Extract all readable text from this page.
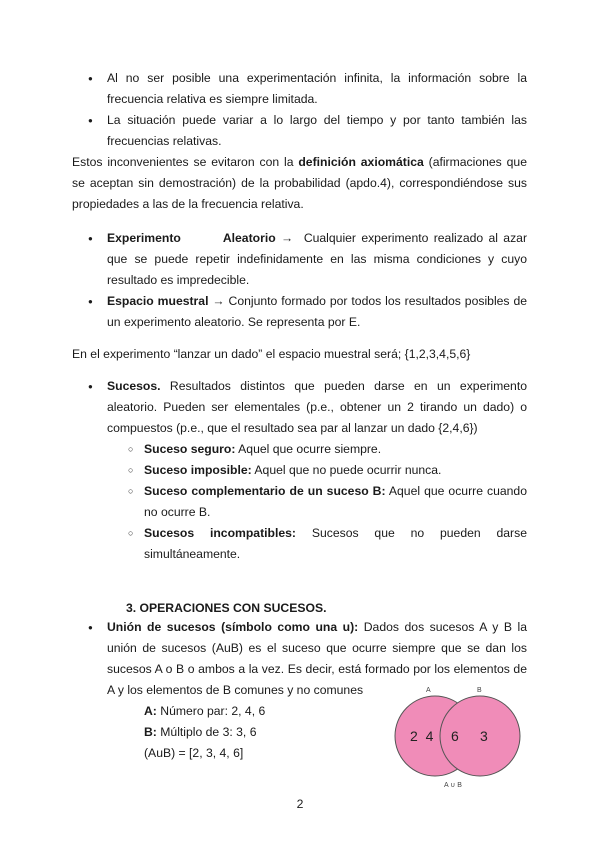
● Al no ser posible una experimentación infinita, la información sobre la frecuencia relativa es siempre limitada.
● La situación puede variar a lo largo del tiempo y por tanto también las frecuencias relativas.
Estos inconvenientes se evitaron con la definición axiomática (afirmaciones que se aceptan sin demostración) de la probabilidad (apdo.4), correspondiéndose sus propiedades a las de la frecuencia relativa.
● Experimento	Aleatorio → Cualquier experimento realizado al azar que se puede repetir indefinidamente en las misma condiciones y cuyo resultado es impredecible.
● Espacio muestral → Conjunto formado por todos los resultados posibles de un experimento aleatorio. Se representa por E.
En el experimento “lanzar un dado” el espacio muestral será; {1,2,3,4,5,6}
● Sucesos. Resultados distintos que pueden darse en un experimento aleatorio. Pueden ser elementales (p.e., obtener un 2 tirando un dado) o compuestos (p.e., que el resultado sea par al lanzar un dado {2,4,6})
○ Suceso seguro: Aquel que ocurre siempre.
○ Suceso imposible: Aquel que no puede ocurrir nunca.
○ Suceso complementario de un suceso B: Aquel que ocurre cuando no ocurre B.
○ Sucesos incompatibles: Sucesos que no pueden darse simultáneamente.
3. OPERACIONES CON SUCESOS.
● Unión de sucesos (símbolo como una u): Dados dos sucesos A y B la unión de sucesos (AuB) es el suceso que ocurre siempre que se dan los sucesos A o B o ambos a la vez. Es decir, está formado por los elementos de A y los elementos de B comunes y no comunes
A: Número par: 2, 4, 6
B: Múltiplo de 3: 3, 6
(AuB) = [2, 3, 4, 6]
A	B
2  4 6 3
A ∪ B
2
